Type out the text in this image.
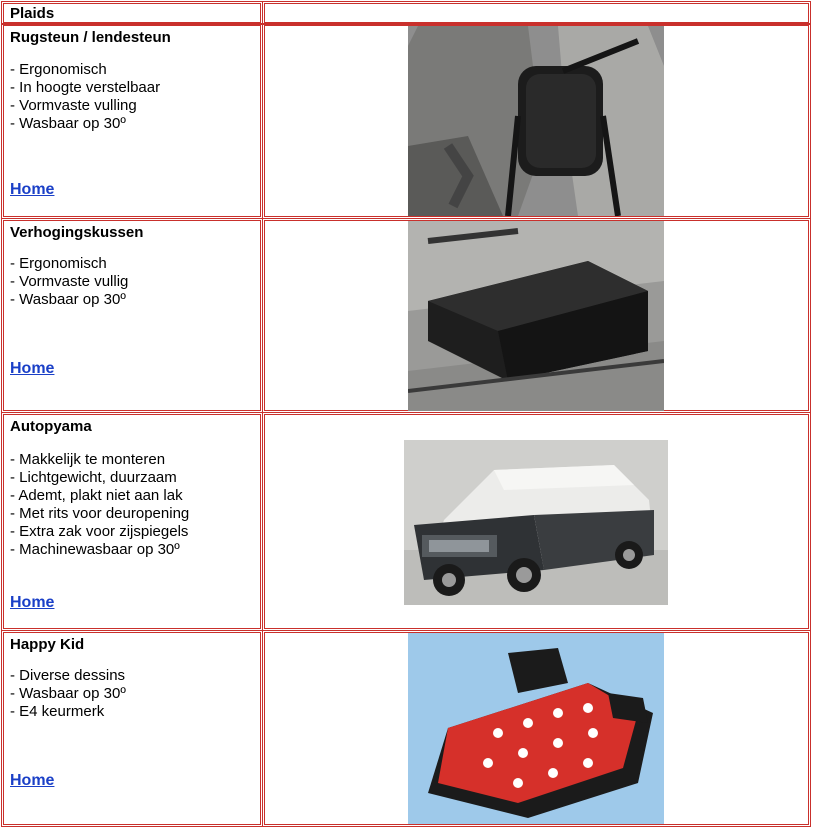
Plaids
Rugsteun / lendesteun
- Ergonomisch
- In hoogte verstelbaar
- Vormvaste vulling
- Wasbaar op 30º
Home
Verhogingskussen
- Ergonomisch
- Vormvaste vullig
- Wasbaar op 30º
Home
Autopyama
- Makkelijk te monteren
- Lichtgewicht, duurzaam
- Ademt, plakt niet aan lak
- Met rits voor deuropening
- Extra zak voor zijspiegels
- Machinewasbaar op 30º
Home
Happy Kid
- Diverse dessins
- Wasbaar op 30º
- E4 keurmerk
Home
